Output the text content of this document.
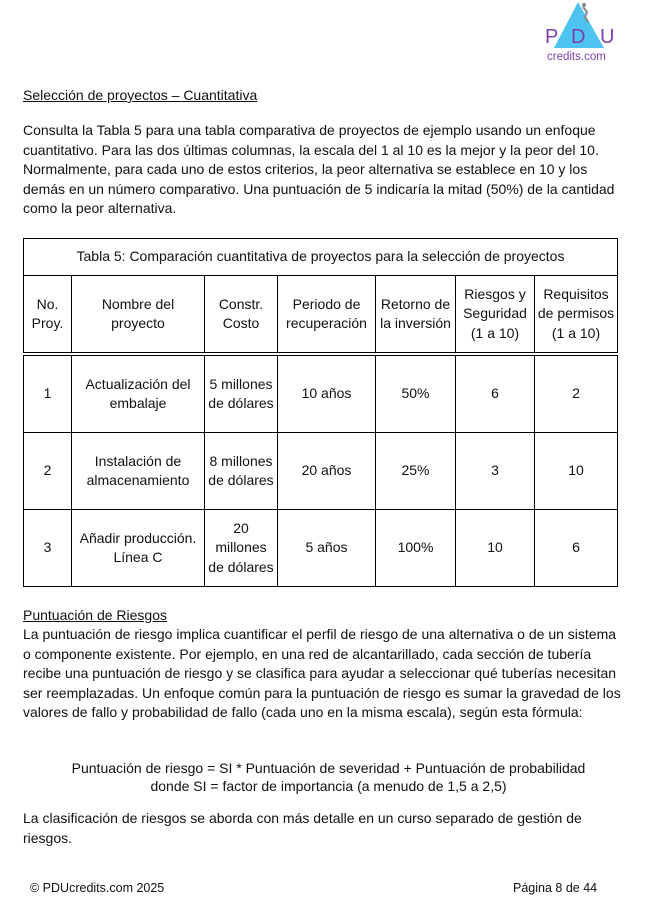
P D U
credits.com
Selección de proyectos – Cuantitativa

Consulta la Tabla 5 para una tabla comparativa de proyectos de ejemplo usando un enfoque cuantitativo. Para las dos últimas columnas, la escala del 1 al 10 es la mejor y la peor del 10. Normalmente, para cada uno de estos criterios, la peor alternativa se establece en 10 y los demás en un número comparativo. Una puntuación de 5 indicaría la mitad (50%) de la cantidad como la peor alternativa.

Tabla 5: Comparación cuantitativa de proyectos para la selección de proyectos						
No. Proy.	Nombre del proyecto	Constr. Costo	Periodo de recuperación	Retorno de la inversión	Riesgos y Seguridad (1 a 10)	Requisitos de permisos (1 a 10)
1	Actualización del embalaje	5 millones de dólares	10 años	50%	6	2
2	Instalación de almacenamiento	8 millones de dólares	20 años	25%	3	10
3	Añadir producción. Línea C	20 millones de dólares	5 años	100%	10	6
Puntuación de Riesgos

La puntuación de riesgo implica cuantificar el perfil de riesgo de una alternativa o de un sistema o componente existente. Por ejemplo, en una red de alcantarillado, cada sección de tubería recibe una puntuación de riesgo y se clasifica para ayudar a seleccionar qué tuberías necesitan ser reemplazadas. Un enfoque común para la puntuación de riesgo es sumar la gravedad de los valores de fallo y probabilidad de fallo (cada uno en la misma escala), según esta fórmula:

Puntuación de riesgo = SI * Puntuación de severidad + Puntuación de probabilidad
donde SI = factor de importancia (a menudo de 1,5 a 2,5)

La clasificación de riesgos se aborda con más detalle en un curso separado de gestión de riesgos.

© PDUcredits.com 2025	Página 8 de 44
